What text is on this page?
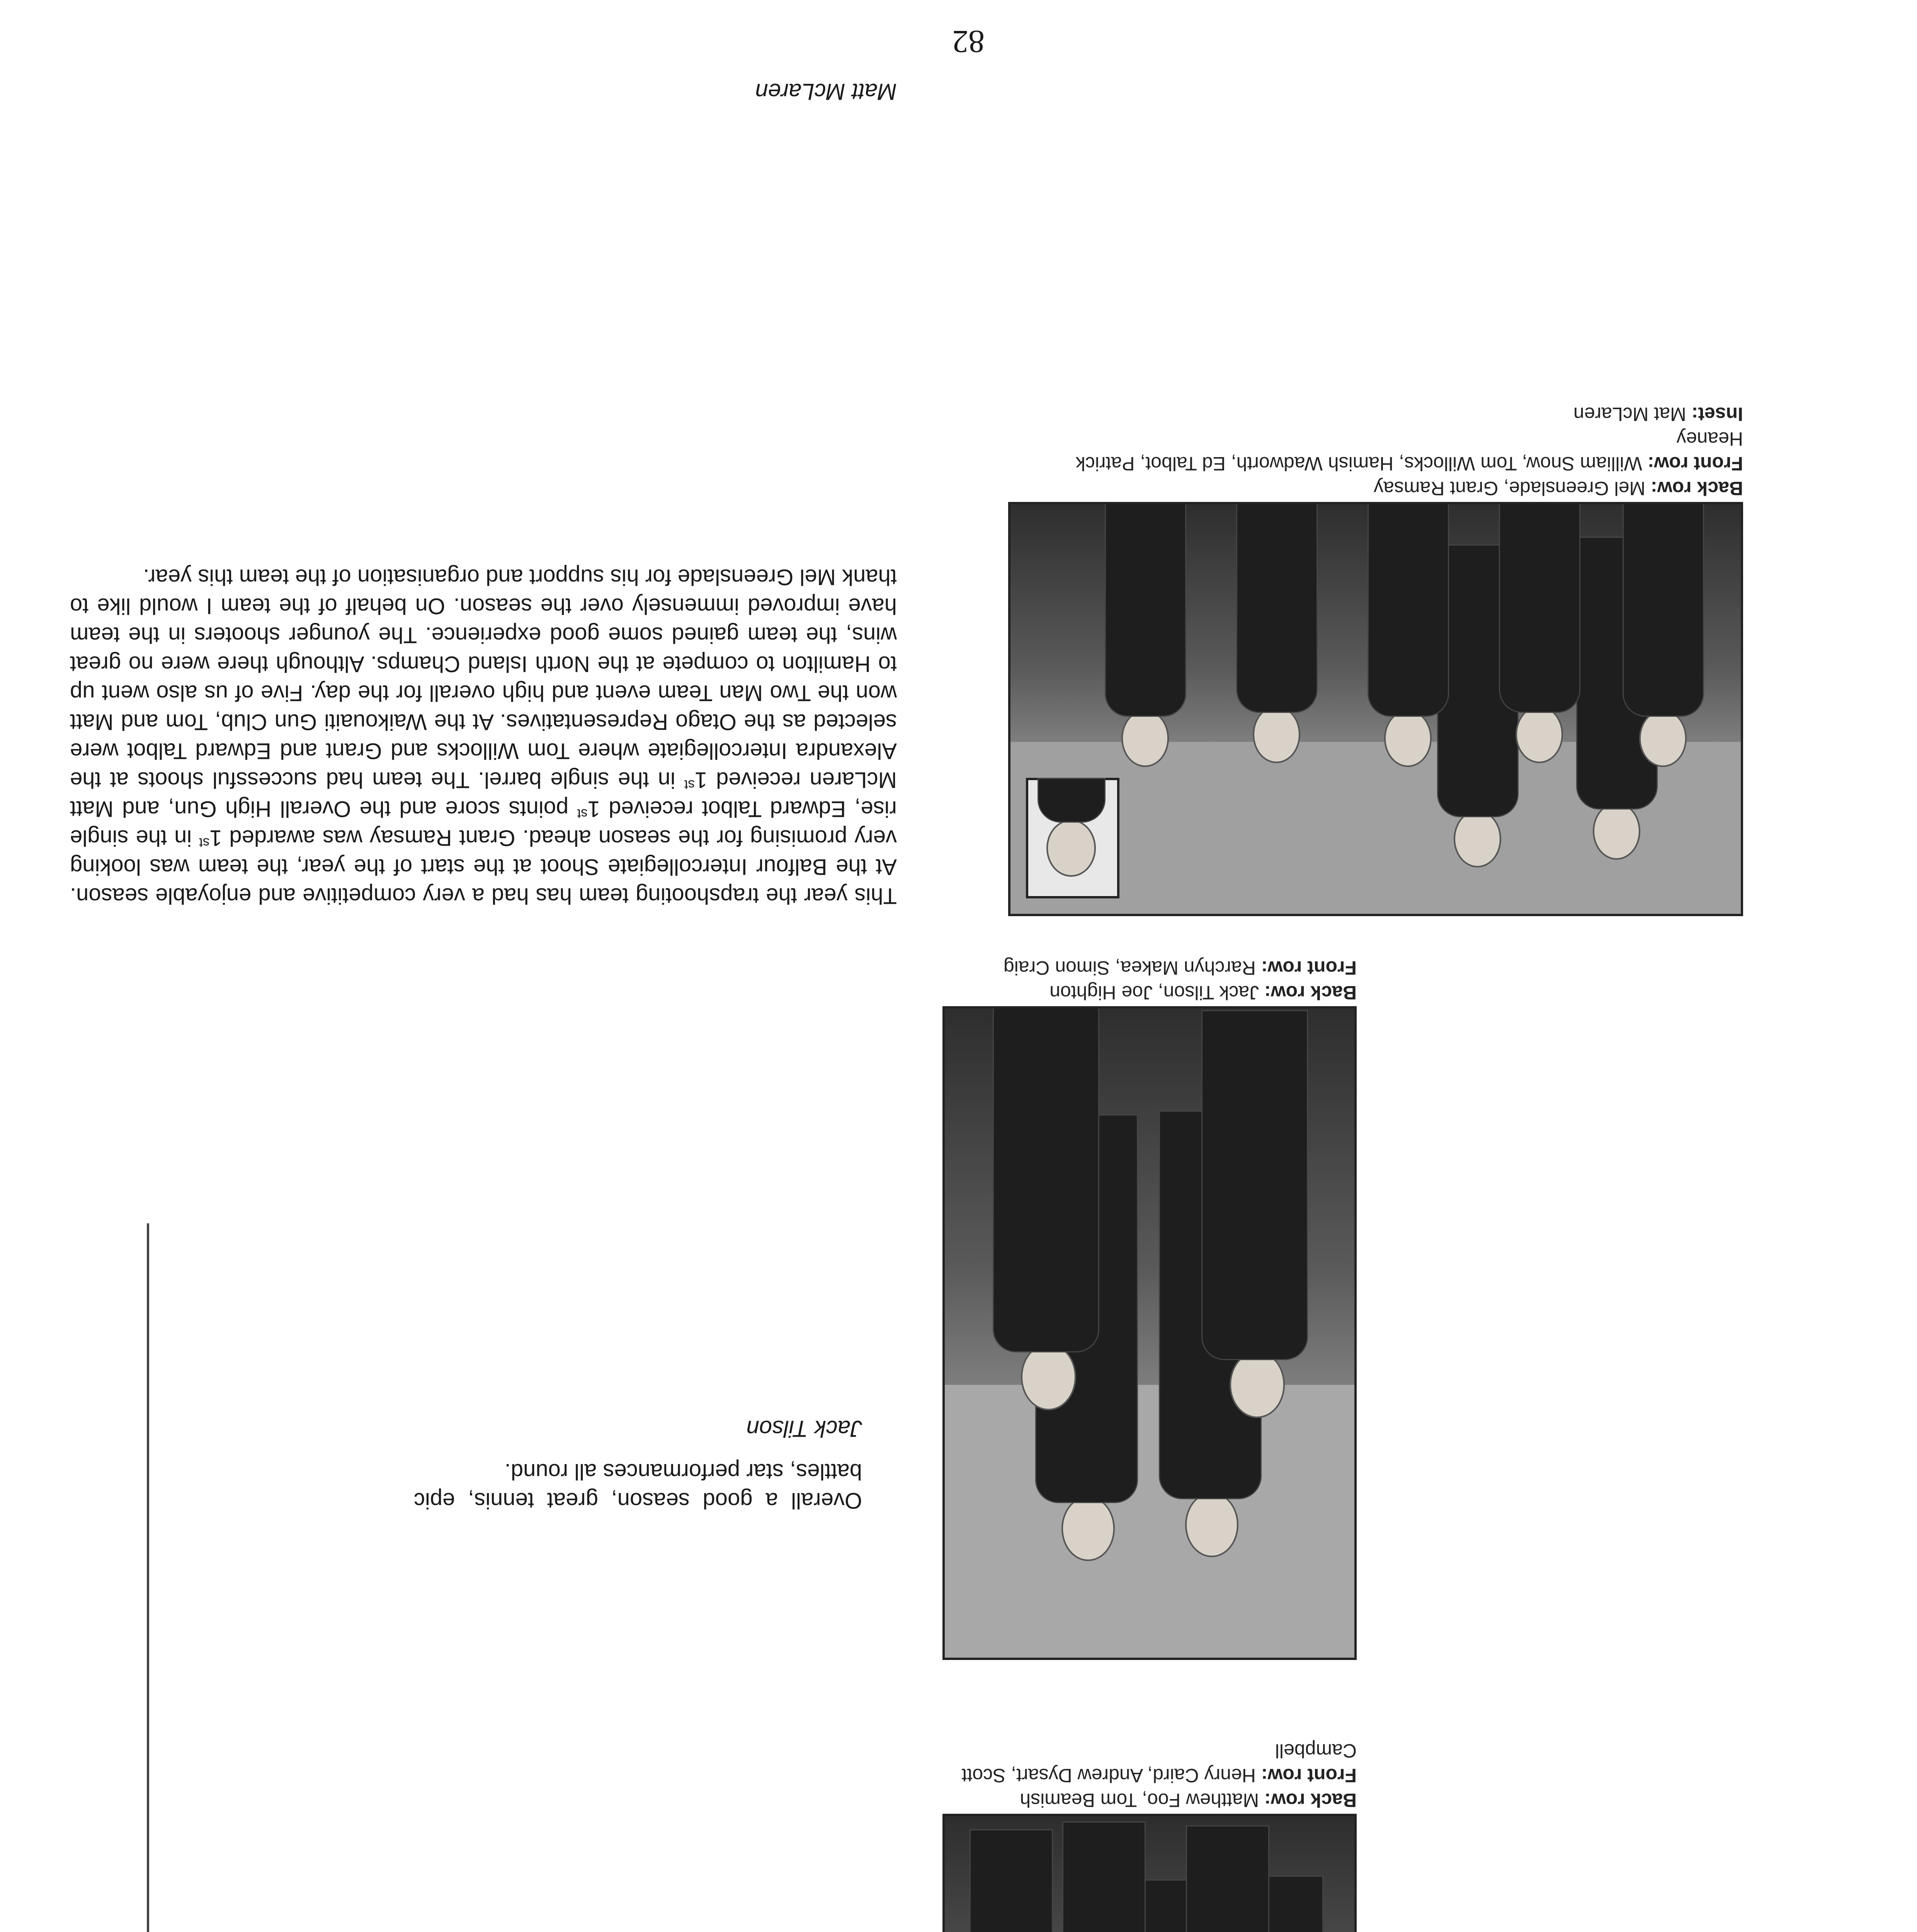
Back row: Matthew Foo, Tom Beamish
Front row: Henry Caird, Andrew Dysart, Scott Campbell
Back row: Jack Tilson, Joe Highton
Front row: Rarchyn Makea, Simon Craig
Back row: Mel Greenslade, Grant Ramsay
Front row: William Snow, Tom Willocks, Hamish Wadworth, Ed Talbot, Patrick Heaney
Inset: Mat McLaren
Overall a good season, great tennis, epic battles, star performances all round.
Jack Tilson
This year the trapshooting team has had a very competitive and enjoyable season. At the Balfour Intercollegiate Shoot at the start of the year, the team was looking very promising for the season ahead. Grant Ramsay was awarded 1st in the single rise, Edward Talbot received 1st points score and the Overall High Gun, and Matt McLaren received 1st in the single barrel. The team had successful shoots at the Alexandra Intercollegiate where Tom Willocks and Grant and Edward Talbot were selected as the Otago Representatives. At the Waikouaiti Gun Club, Tom and Matt won the Two Man Team event and high overall for the day. Five of us also went up to Hamilton to compete at the North Island Champs. Although there were no great wins, the team gained some good experience. The younger shooters in the team have improved immensely over the season. On behalf of the team I would like to thank Mel Greenslade for his support and organisation of the team this year.
Matt McLaren
82
